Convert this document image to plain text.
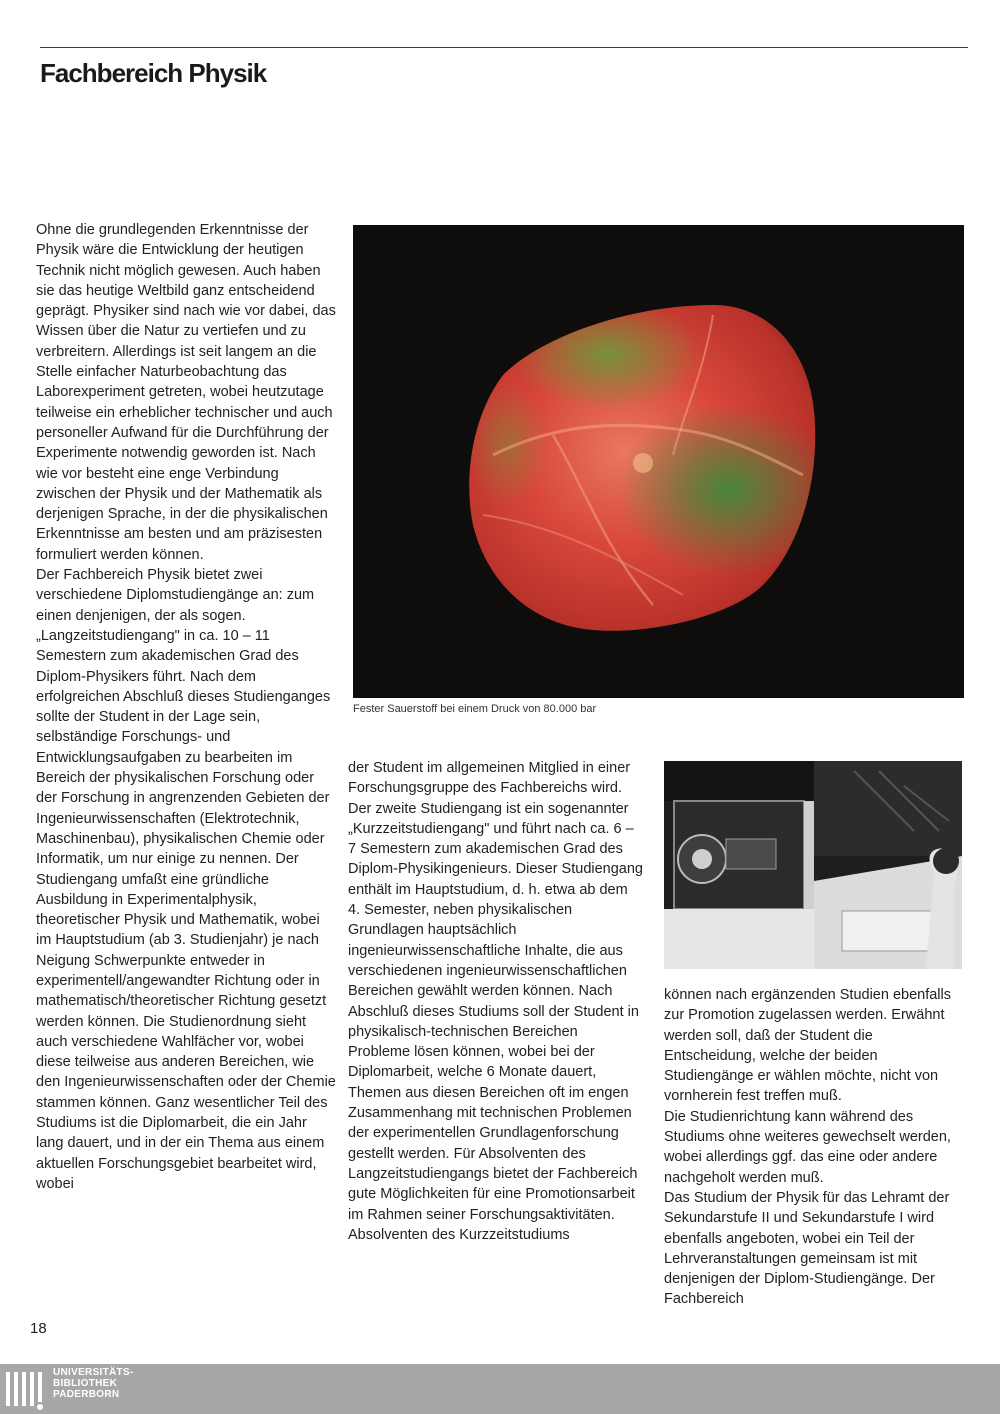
Fachbereich Physik

Ohne die grundlegenden Erkenntnisse der Physik wäre die Entwicklung der heutigen Technik nicht möglich gewesen. Auch haben sie das heutige Weltbild ganz entscheidend geprägt. Physiker sind nach wie vor dabei, das Wissen über die Natur zu vertiefen und zu verbreitern. Allerdings ist seit langem an die Stelle einfacher Naturbeobachtung das Laborexperiment getreten, wobei heutzutage teilweise ein erheblicher technischer und auch personeller Aufwand für die Durchführung der Experimente notwendig geworden ist. Nach wie vor besteht eine enge Verbindung zwischen der Physik und der Mathematik als derjenigen Sprache, in der die physikalischen Erkenntnisse am besten und am präzisesten formuliert werden können.

Der Fachbereich Physik bietet zwei verschiedene Diplomstudiengänge an: zum einen denjenigen, der als sogen. „Langzeitstudiengang" in ca. 10 – 11 Semestern zum akademischen Grad des Diplom-Physikers führt. Nach dem erfolgreichen Abschluß dieses Studienganges sollte der Student in der Lage sein, selbständige Forschungs- und Entwicklungsaufgaben zu bearbeiten im Bereich der physikalischen Forschung oder der Forschung in angrenzenden Gebieten der Ingenieurwissenschaften (Elektrotechnik, Maschinenbau), physikalischen Chemie oder Informatik, um nur einige zu nennen. Der Studiengang umfaßt eine gründliche Ausbildung in Experimentalphysik, theoretischer Physik und Mathematik, wobei im Hauptstudium (ab 3. Studienjahr) je nach Neigung Schwerpunkte entweder in experimentell/angewandter Richtung oder in mathematisch/theoretischer Richtung gesetzt werden können. Die Studienordnung sieht auch verschiedene Wahlfächer vor, wobei diese teilweise aus anderen Bereichen, wie den Ingenieurwissenschaften oder der Chemie stammen können. Ganz wesentlicher Teil des Studiums ist die Diplomarbeit, die ein Jahr lang dauert, und in der ein Thema aus einem aktuellen Forschungsgebiet bearbeitet wird, wobei

Fester Sauerstoff bei einem Druck von 80.000 bar

der Student im allgemeinen Mitglied in einer Forschungsgruppe des Fachbereichs wird.

Der zweite Studiengang ist ein sogenannter „Kurzzeitstudiengang" und führt nach ca. 6 – 7 Semestern zum akademischen Grad des Diplom-Physikingenieurs. Dieser Studiengang enthält im Hauptstudium, d. h. etwa ab dem 4. Semester, neben physikalischen Grundlagen hauptsächlich ingenieurwissenschaftliche Inhalte, die aus verschiedenen ingenieurwissenschaftlichen Bereichen gewählt werden können. Nach Abschluß dieses Studiums soll der Student in physikalisch-technischen Bereichen Probleme lösen können, wobei bei der Diplomarbeit, welche 6 Monate dauert, Themen aus diesen Bereichen oft im engen Zusammenhang mit technischen Problemen der experimentellen Grundlagenforschung gestellt werden. Für Absolventen des Langzeitstudiengangs bietet der Fachbereich gute Möglichkeiten für eine Promotionsarbeit im Rahmen seiner Forschungsaktivitäten. Absolventen des Kurzzeitstudiums

können nach ergänzenden Studien ebenfalls zur Promotion zugelassen werden. Erwähnt werden soll, daß der Student die Entscheidung, welche der beiden Studiengänge er wählen möchte, nicht von vornherein fest treffen muß.

Die Studienrichtung kann während des Studiums ohne weiteres gewechselt werden, wobei allerdings ggf. das eine oder andere nachgeholt werden muß.

Das Studium der Physik für das Lehramt der Sekundarstufe II und Sekundarstufe I wird ebenfalls angeboten, wobei ein Teil der Lehrveranstaltungen gemeinsam ist mit denjenigen der Diplom-Studiengänge. Der Fachbereich

18
UNIVERSITÄTS-
BIBLIOTHEK
PADERBORN
